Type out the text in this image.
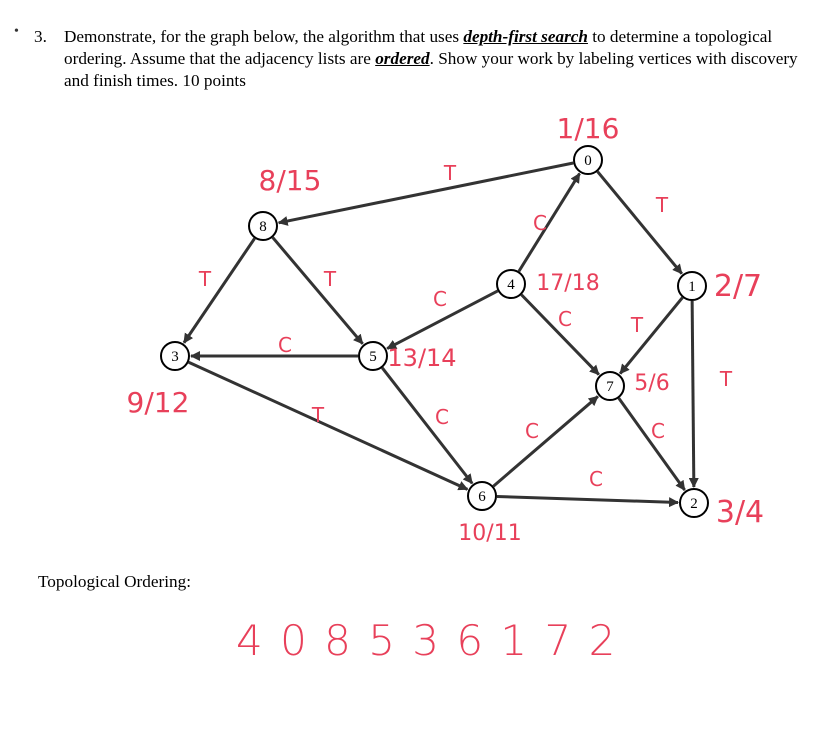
• 3. Demonstrate, for the graph below, the algorithm that uses depth-first search to determine a topological ordering. Assume that the adjacency lists are ordered. Show your work by labeling vertices with discovery and finish times. 10 points
T
T
T	T
C
C
C	T
T
C
T	C
C	C
C
0
1/16
1 2/7
2 3/4
3
9/12
4 17/18
5 13/14
6
10/11
7 5/6
8
8/15
Topological Ordering:
4 0 8 5 3 6 1 7 2
